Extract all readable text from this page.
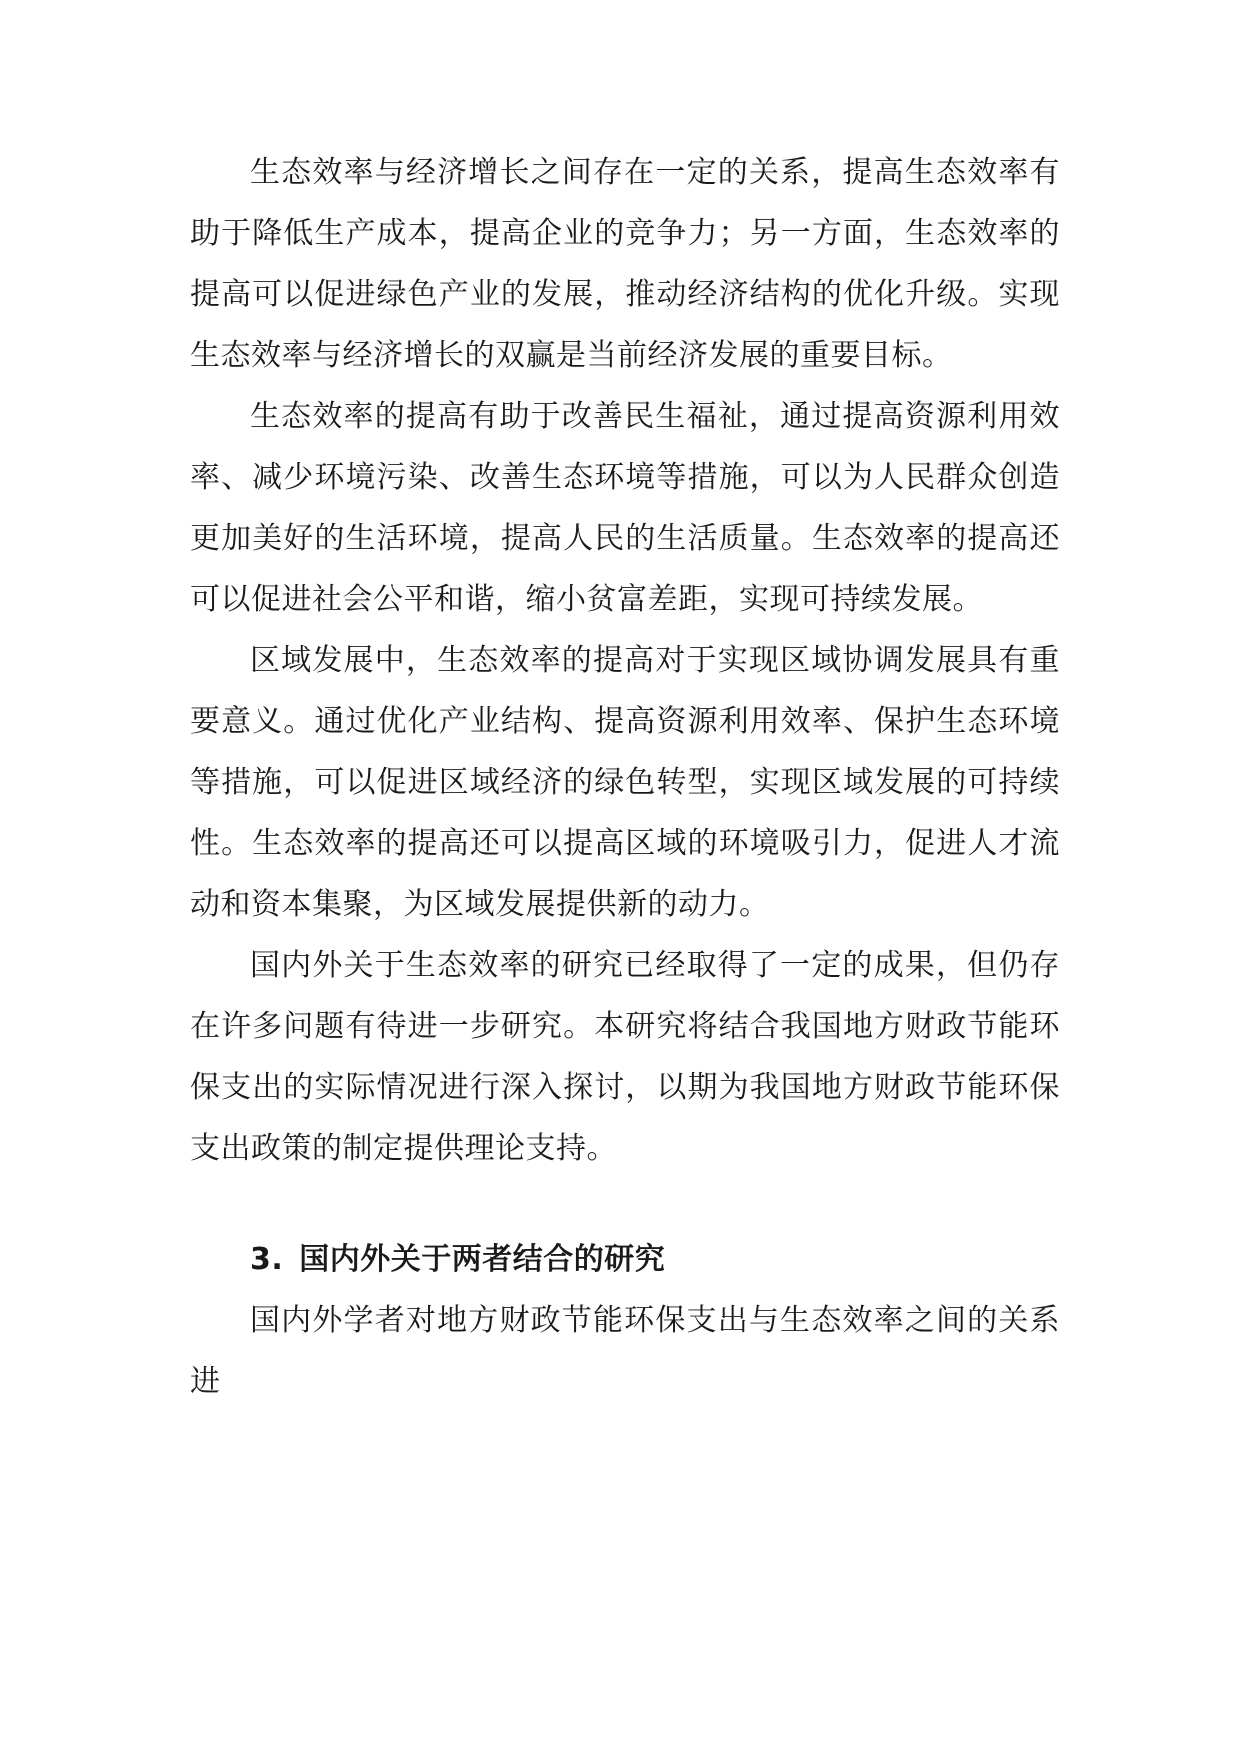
生态效率与经济增长之间存在一定的关系，提高生态效率有助于降低生产成本，提高企业的竞争力；另一方面，生态效率的提高可以促进绿色产业的发展，推动经济结构的优化升级。实现生态效率与经济增长的双赢是当前经济发展的重要目标。

生态效率的提高有助于改善民生福祉，通过提高资源利用效率、减少环境污染、改善生态环境等措施，可以为人民群众创造更加美好的生活环境，提高人民的生活质量。生态效率的提高还可以促进社会公平和谐，缩小贫富差距，实现可持续发展。

区域发展中，生态效率的提高对于实现区域协调发展具有重要意义。通过优化产业结构、提高资源利用效率、保护生态环境等措施，可以促进区域经济的绿色转型，实现区域发展的可持续性。生态效率的提高还可以提高区域的环境吸引力，促进人才流动和资本集聚，为区域发展提供新的动力。

国内外关于生态效率的研究已经取得了一定的成果，但仍存在许多问题有待进一步研究。本研究将结合我国地方财政节能环保支出的实际情况进行深入探讨，以期为我国地方财政节能环保支出政策的制定提供理论支持。

3. 国内外关于两者结合的研究

国内外学者对地方财政节能环保支出与生态效率之间的关系进
